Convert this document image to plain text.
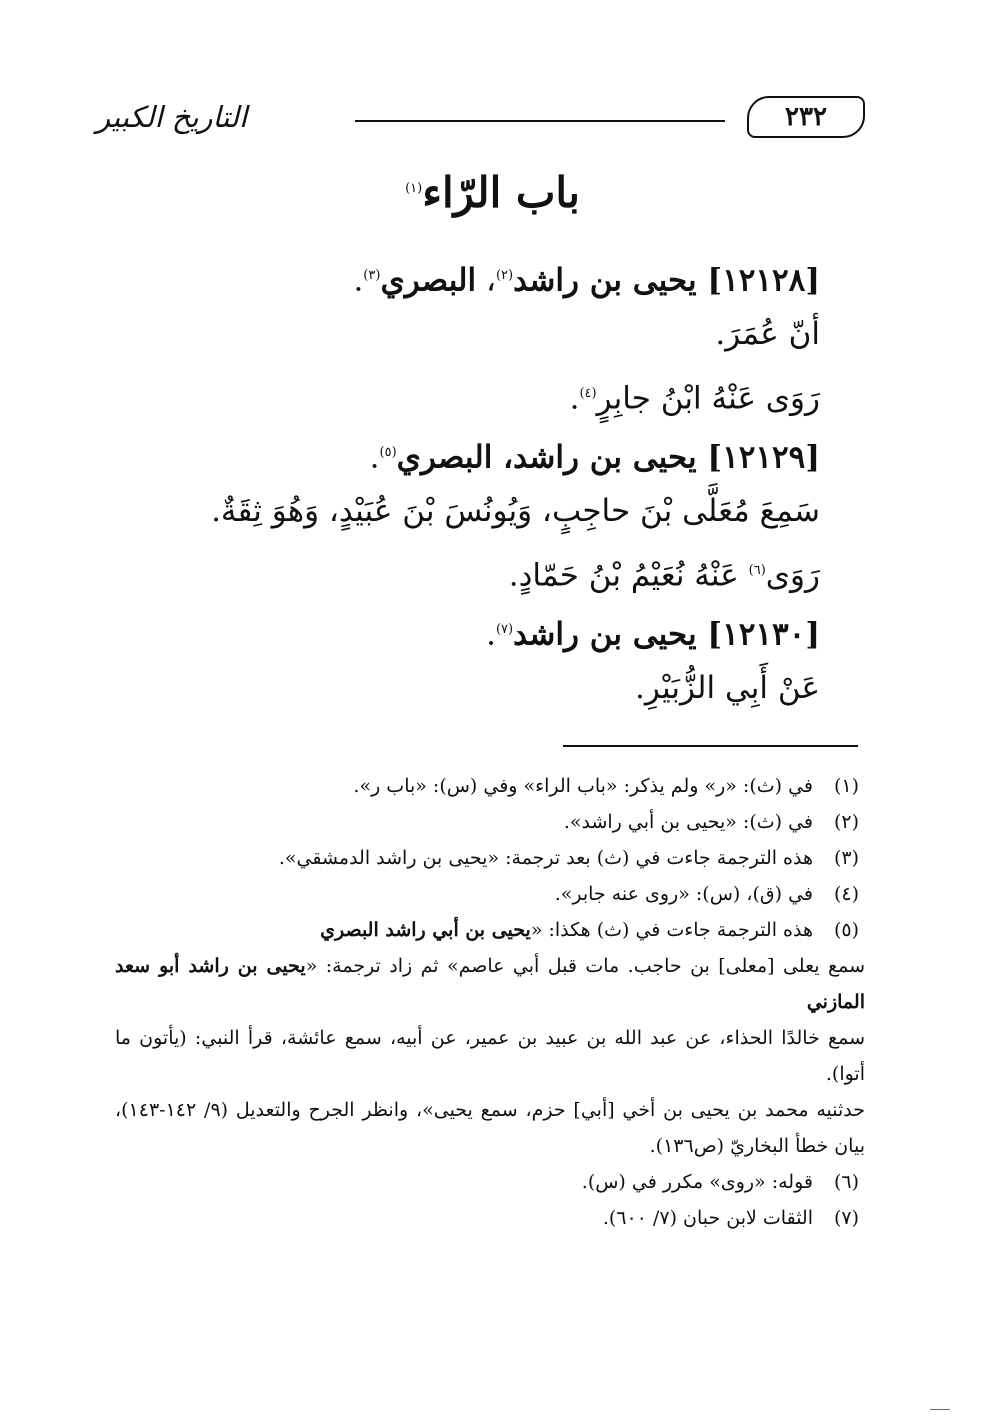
التاريخ الكبير	٢٣٢
باب الرّاء$^{(١)}$
[١٢١٢٨] يحيى بن راشد$^{(٢)}$، البصري$^{(٣)}$.
أنّ عُمَرَ.
رَوَى عَنْهُ ابْنُ جابِرٍ$^{(٤)}$.
[١٢١٢٩] يحيى بن راشد، البصري$^{(٥)}$.
سَمِعَ مُعَلَّى بْنَ حاجِبٍ، وَيُونُسَ بْنَ عُبَيْدٍ، وَهُوَ ثِقَةٌ.
رَوَى$^{(٦)}$ عَنْهُ نُعَيْمُ بْنُ حَمّادٍ.
[١٢١٣٠] يحيى بن راشد$^{(٧)}$.
عَنْ أَبِي الزُّبَيْرِ.
(١)
في (ث): «ر» ولم يذكر: «باب الراء» وفي (س): «باب ر».
(٢)
في (ث): «يحيى بن أبي راشد».
(٣)
هذه الترجمة جاءت في (ث) بعد ترجمة: «يحيى بن راشد الدمشقي».
(٤)
في (ق)، (س): «روى عنه جابر».
(٥)
هذه الترجمة جاءت في (ث) هكذا: «يحيى بن أبي راشد البصري
سمع يعلى [معلى] بن حاجب. مات قبل أبي عاصم» ثم زاد ترجمة: «يحيى بن راشد أبو سعد المازني
سمع خالدًا الحذاء، عن عبد الله بن عبيد بن عمير، عن أبيه، سمع عائشة، قرأ النبي: (يأتون ما أتوا).
حدثنيه محمد بن يحيى بن أخي [أبي] حزم، سمع يحيى»، وانظر الجرح والتعديل (٩/ ١٤٢-١٤٣)، بيان خطأ البخاريّ (ص١٣٦).
(٦)
قوله: «روى» مكرر في (س).
(٧)
الثقات لابن حبان (٧/ ٦٠٠).
